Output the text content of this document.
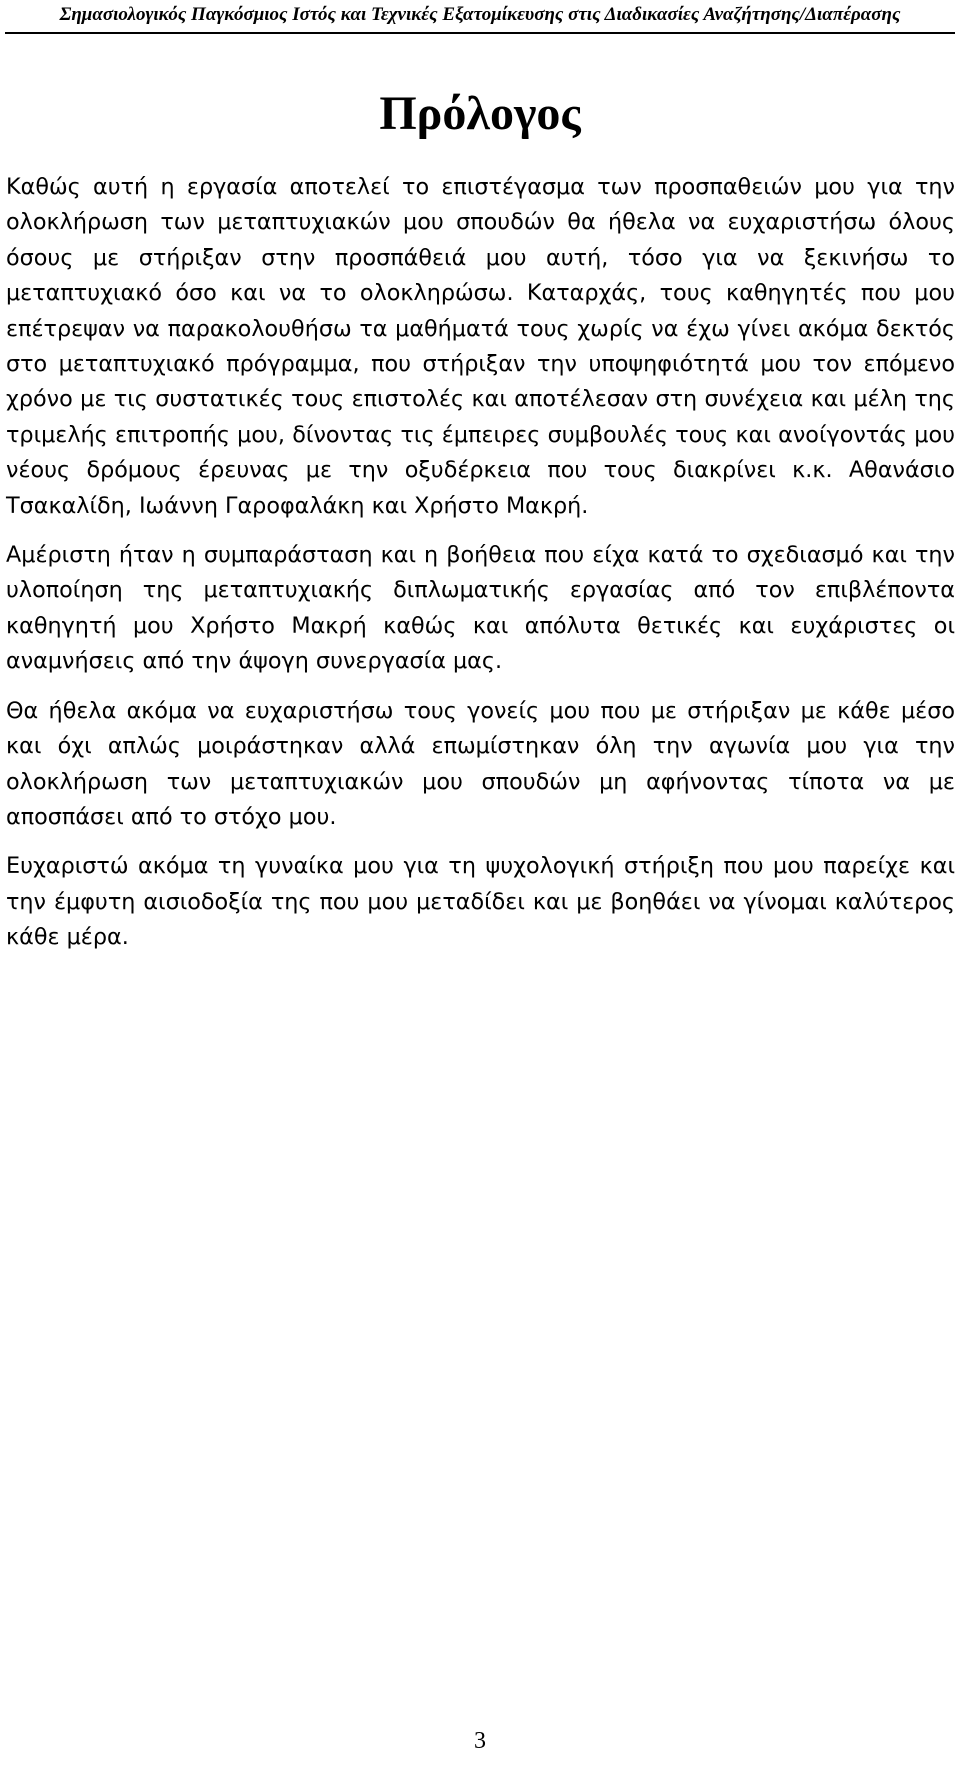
Σημασιολογικός Παγκόσμιος Ιστός και Τεχνικές Εξατομίκευσης στις Διαδικασίες Αναζήτησης/Διαπέρασης
Πρόλογος

Καθώς αυτή η εργασία αποτελεί το επιστέγασμα των προσπαθειών μου για την ολοκλήρωση των μεταπτυχιακών μου σπουδών θα ήθελα να ευχαριστήσω όλους όσους με στήριξαν στην προσπάθειά μου αυτή, τόσο για να ξεκινήσω το μεταπτυχιακό όσο και να το ολοκληρώσω. Καταρχάς, τους καθηγητές που μου επέτρεψαν να παρακολουθήσω τα μαθήματά τους χωρίς να έχω γίνει ακόμα δεκτός στο μεταπτυχιακό πρόγραμμα, που στήριξαν την υποψηφιότητά μου τον επόμενο χρόνο με τις συστατικές τους επιστολές και αποτέλεσαν στη συνέχεια και μέλη της τριμελής επιτροπής μου, δίνοντας τις έμπειρες συμβουλές τους και ανοίγοντάς μου νέους δρόμους έρευνας με την οξυδέρκεια που τους διακρίνει κ.κ. Αθανάσιο Τσακαλίδη, Ιωάννη Γαροφαλάκη και Χρήστο Μακρή.

Αμέριστη ήταν η συμπαράσταση και η βοήθεια που είχα κατά το σχεδιασμό και την υλοποίηση της μεταπτυχιακής διπλωματικής εργασίας από τον επιβλέποντα καθηγητή μου Χρήστο Μακρή καθώς και απόλυτα θετικές και ευχάριστες οι αναμνήσεις από την άψογη συνεργασία μας.

Θα ήθελα ακόμα να ευχαριστήσω τους γονείς μου που με στήριξαν με κάθε μέσο και όχι απλώς μοιράστηκαν αλλά επωμίστηκαν όλη την αγωνία μου για την ολοκλήρωση των μεταπτυχιακών μου σπουδών μη αφήνοντας τίποτα να με αποσπάσει από το στόχο μου.

Ευχαριστώ ακόμα τη γυναίκα μου για τη ψυχολογική στήριξη που μου παρείχε και την έμφυτη αισιοδοξία της που μου μεταδίδει και με βοηθάει να γίνομαι καλύτερος κάθε μέρα.

3
